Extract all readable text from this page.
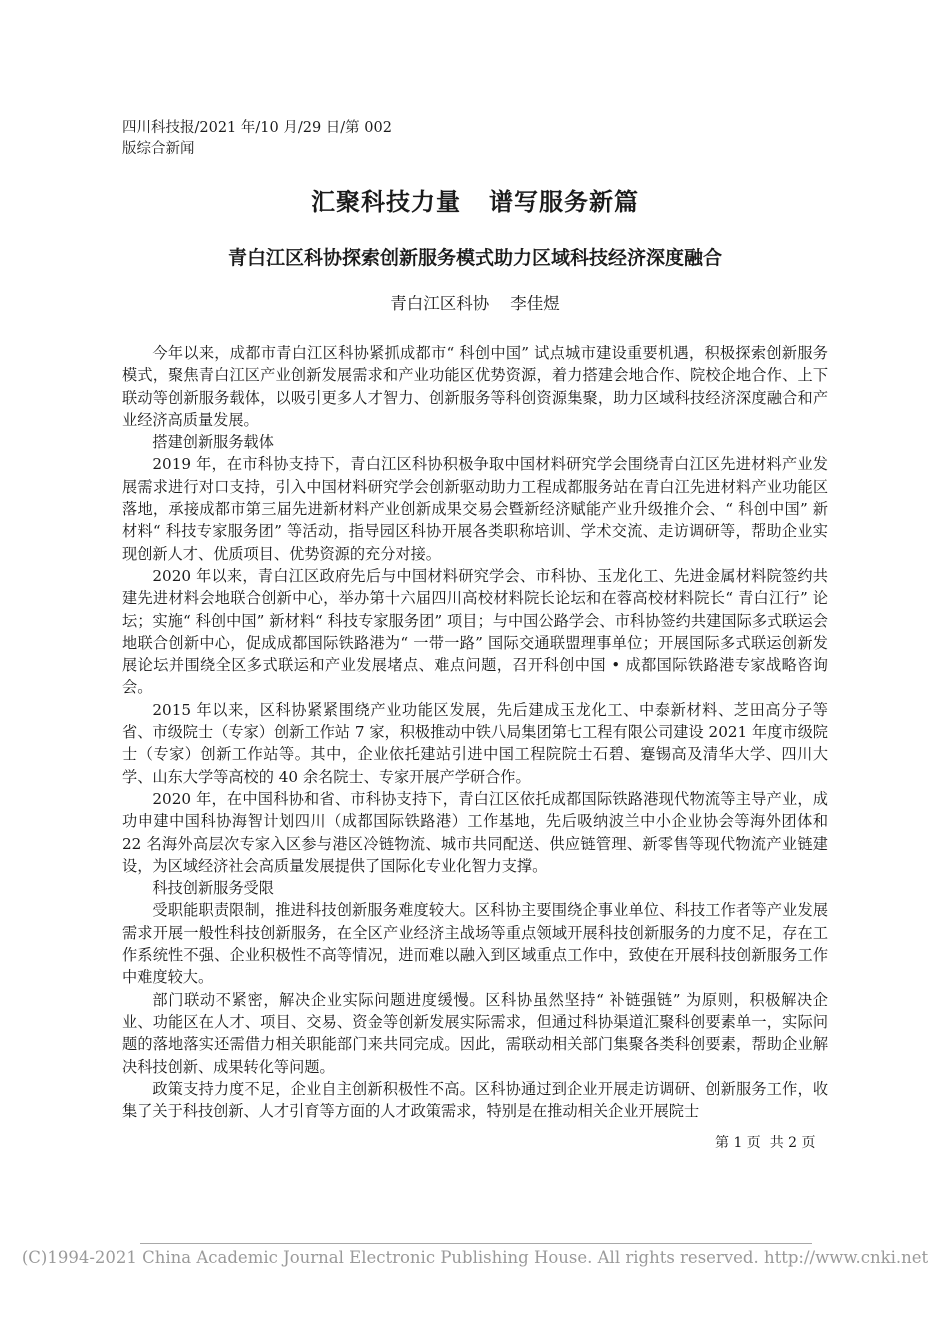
四川科技报/2021 年/10 月/29 日/第 002
版综合新闻
汇聚科技力量   谱写服务新篇
青白江区科协探索创新服务模式助力区域科技经济深度融合
青白江区科协    李佳煜

今年以来，成都市青白江区科协紧抓成都市“ 科创中国” 试点城市建设重要机遇，积极探索创新服务模式，聚焦青白江区产业创新发展需求和产业功能区优势资源，着力搭建会地合作、院校企地合作、上下联动等创新服务载体，以吸引更多人才智力、创新服务等科创资源集聚，助力区域科技经济深度融合和产业经济高质量发展。

搭建创新服务载体

2019 年，在市科协支持下，青白江区科协积极争取中国材料研究学会围绕青白江区先进材料产业发展需求进行对口支持，引入中国材料研究学会创新驱动助力工程成都服务站在青白江先进材料产业功能区落地，承接成都市第三届先进新材料产业创新成果交易会暨新经济赋能产业升级推介会、“ 科创中国” 新材料“ 科技专家服务团” 等活动，指导园区科协开展各类职称培训、学术交流、走访调研等，帮助企业实现创新人才、优质项目、优势资源的充分对接。

2020 年以来，青白江区政府先后与中国材料研究学会、市科协、玉龙化工、先进金属材料院签约共建先进材料会地联合创新中心，举办第十六届四川高校材料院长论坛和在蓉高校材料院长“ 青白江行” 论坛；实施“ 科创中国” 新材料“ 科技专家服务团” 项目；与中国公路学会、市科协签约共建国际多式联运会地联合创新中心，促成成都国际铁路港为“ 一带一路” 国际交通联盟理事单位；开展国际多式联运创新发展论坛并围绕全区多式联运和产业发展堵点、难点问题，召开科创中国 • 成都国际铁路港专家战略咨询会。

2015 年以来，区科协紧紧围绕产业功能区发展，先后建成玉龙化工、中泰新材料、芝田高分子等省、市级院士（专家）创新工作站 7 家，积极推动中铁八局集团第七工程有限公司建设 2021 年度市级院士（专家）创新工作站等。其中，企业依托建站引进中国工程院院士石碧、蹇锡高及清华大学、四川大学、山东大学等高校的 40 余名院士、专家开展产学研合作。

2020 年，在中国科协和省、市科协支持下，青白江区依托成都国际铁路港现代物流等主导产业，成功申建中国科协海智计划四川（成都国际铁路港）工作基地，先后吸纳波兰中小企业协会等海外团体和 22 名海外高层次专家入区参与港区冷链物流、城市共同配送、供应链管理、新零售等现代物流产业链建设，为区域经济社会高质量发展提供了国际化专业化智力支撑。

科技创新服务受限

受职能职责限制，推进科技创新服务难度较大。区科协主要围绕企事业单位、科技工作者等产业发展需求开展一般性科技创新服务，在全区产业经济主战场等重点领域开展科技创新服务的力度不足，存在工作系统性不强、企业积极性不高等情况，进而难以融入到区域重点工作中，致使在开展科技创新服务工作中难度较大。

部门联动不紧密，解决企业实际问题进度缓慢。区科协虽然坚持“ 补链强链” 为原则，积极解决企业、功能区在人才、项目、交易、资金等创新发展实际需求，但通过科协渠道汇聚科创要素单一，实际问题的落地落实还需借力相关职能部门来共同完成。因此，需联动相关部门集聚各类科创要素，帮助企业解决科技创新、成果转化等问题。

政策支持力度不足，企业自主创新积极性不高。区科协通过到企业开展走访调研、创新服务工作，收集了关于科技创新、人才引育等方面的人才政策需求，特别是在推动相关企业开展院士

第 1 页  共 2 页
(C)1994-2021 China Academic Journal Electronic Publishing House. All rights reserved. http://www.cnki.net
